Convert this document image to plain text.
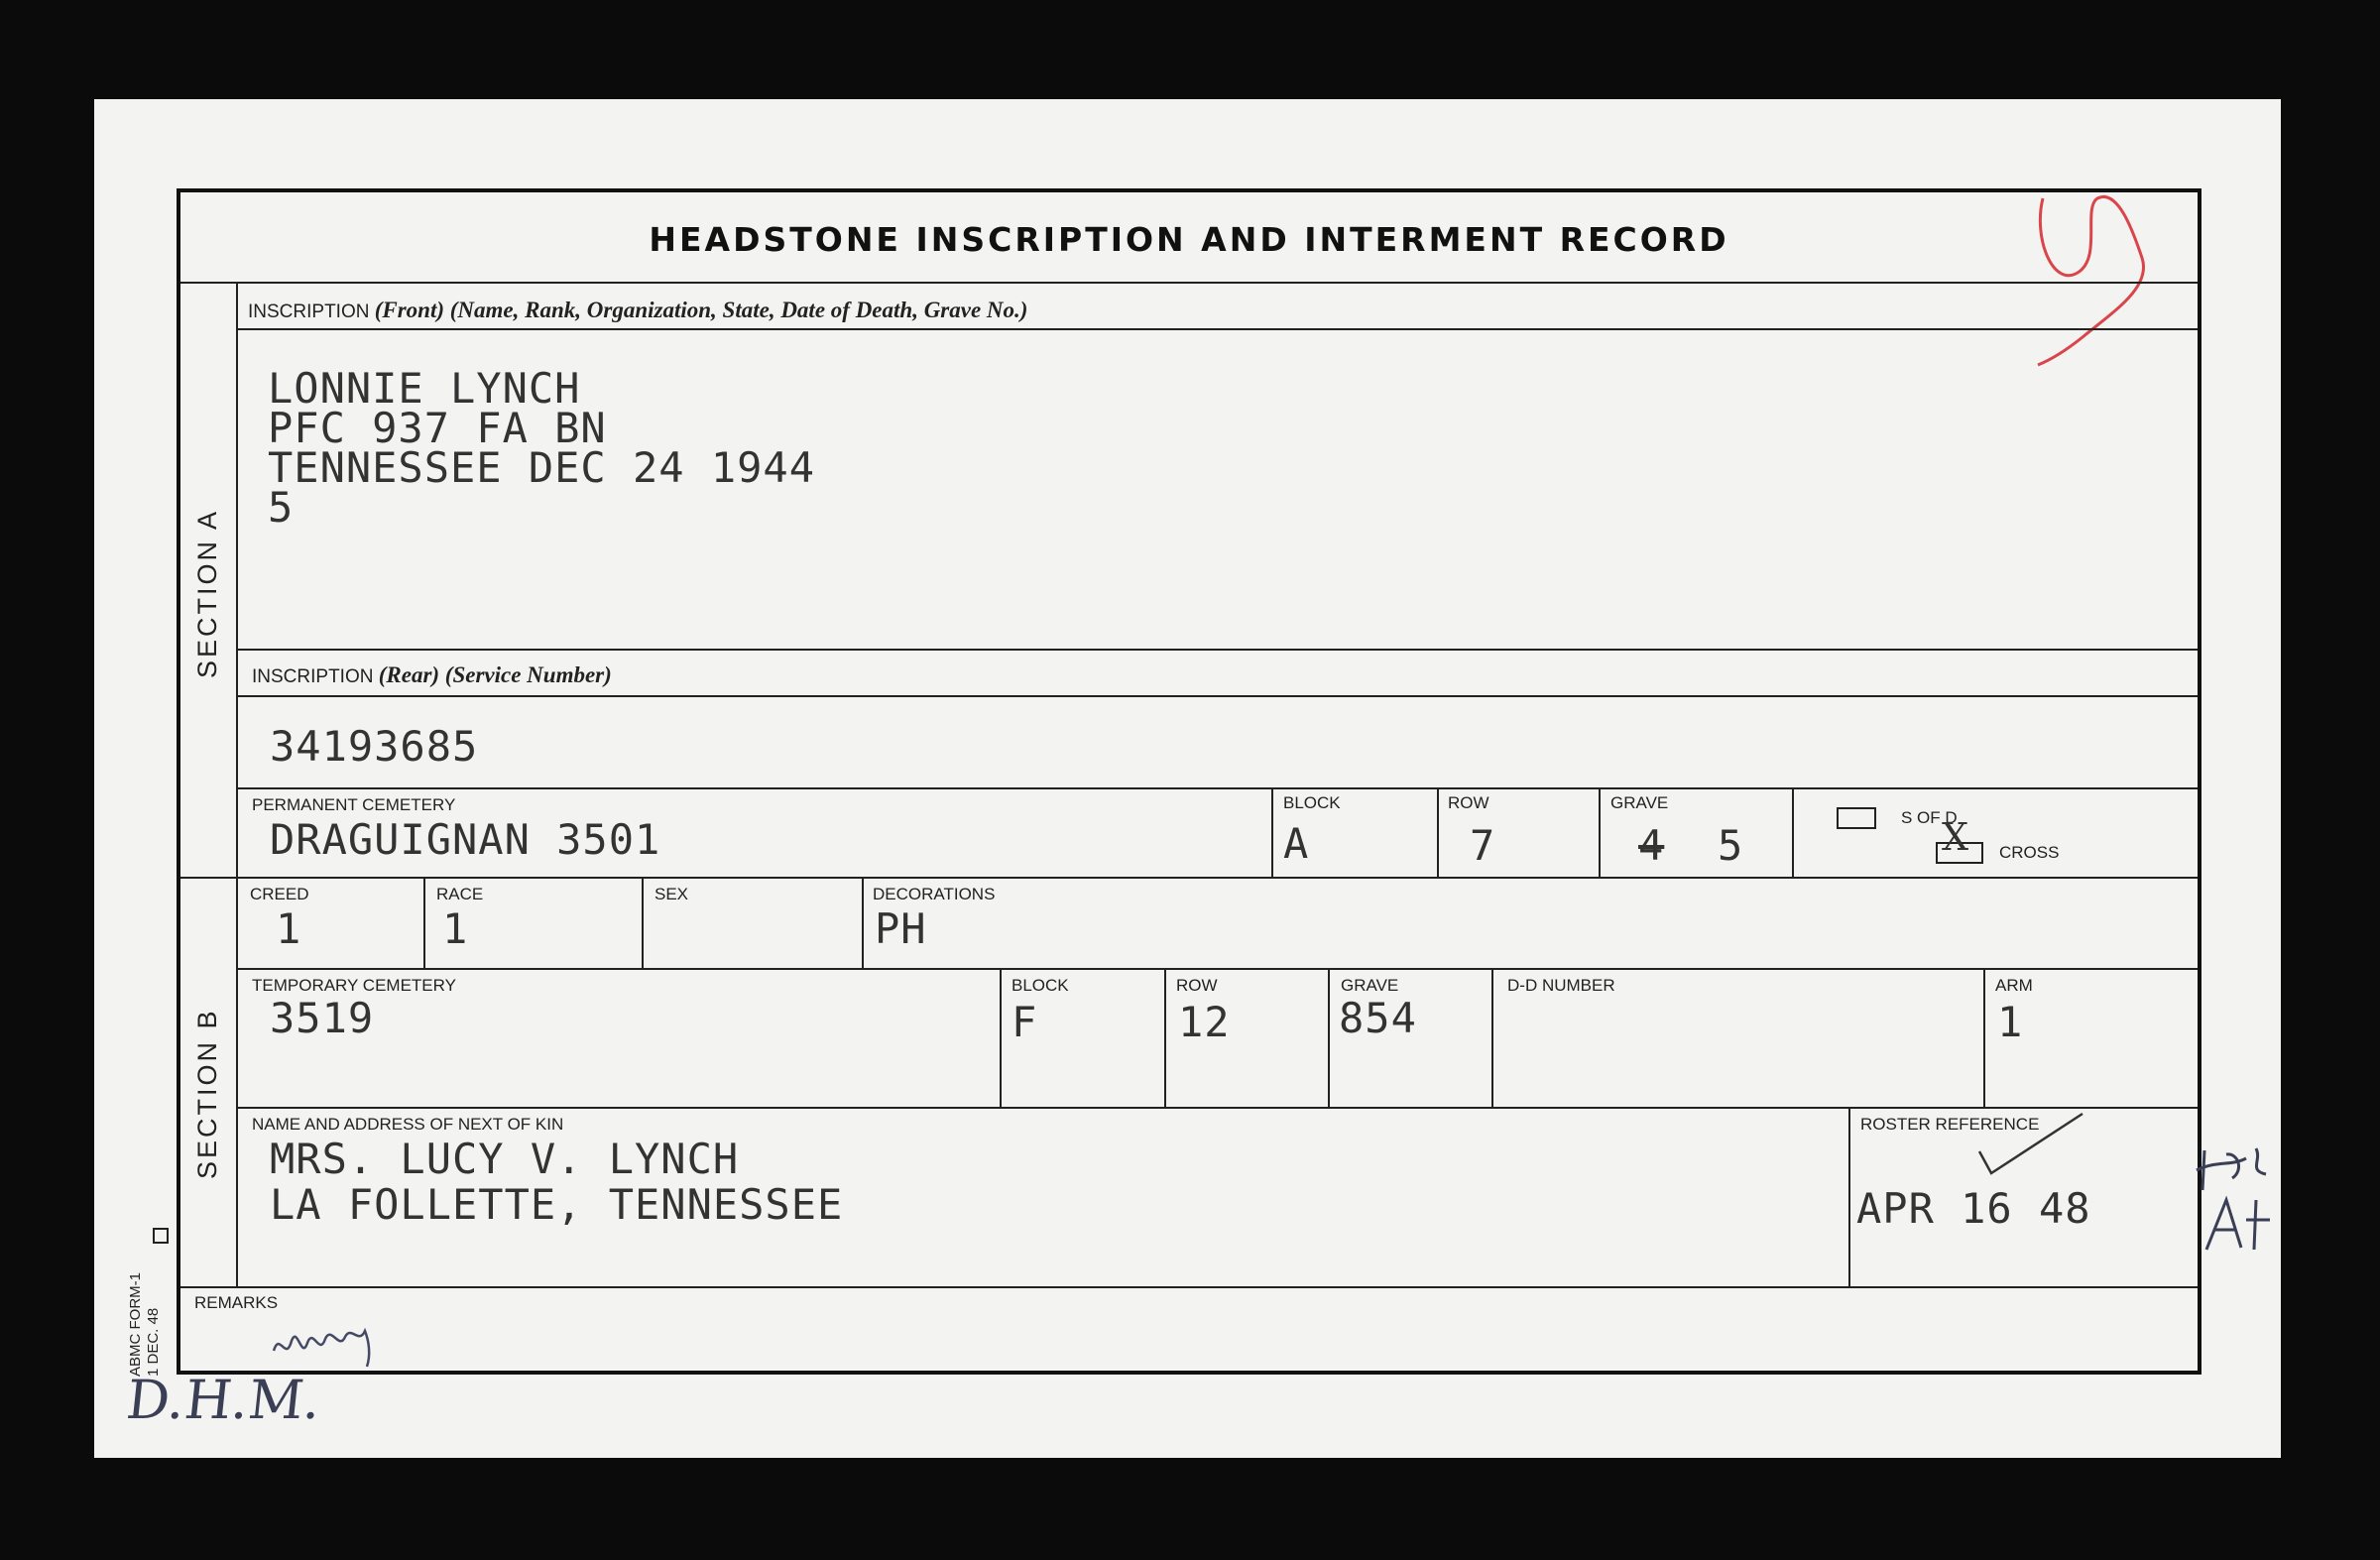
HEADSTONE INSCRIPTION AND INTERMENT RECORD
SECTION A
SECTION B
INSCRIPTION (Front) (Name, Rank, Organization, State, Date of Death, Grave No.)
LONNIE LYNCH
PFC 937 FA BN
TENNESSEE DEC 24 1944
5
INSCRIPTION (Rear) (Service Number)
34193685
PERMANENT CEMETERY
DRAGUIGNAN 3501
BLOCK
A
ROW
7
GRAVE
4 5
S OF D
X CROSS
CREED
1
RACE
1
SEX	DECORATIONS
PH
TEMPORARY CEMETERY
3519
BLOCK
F
ROW
12
GRAVE
854
D-D NUMBER	ARM
1
NAME AND ADDRESS OF NEXT OF KIN
MRS. LUCY V. LYNCH
LA FOLLETTE, TENNESSEE
ROSTER REFERENCE
APR 16 48
REMARKS
ABMC FORM-1 1 DEC. 48
D.H.M.
